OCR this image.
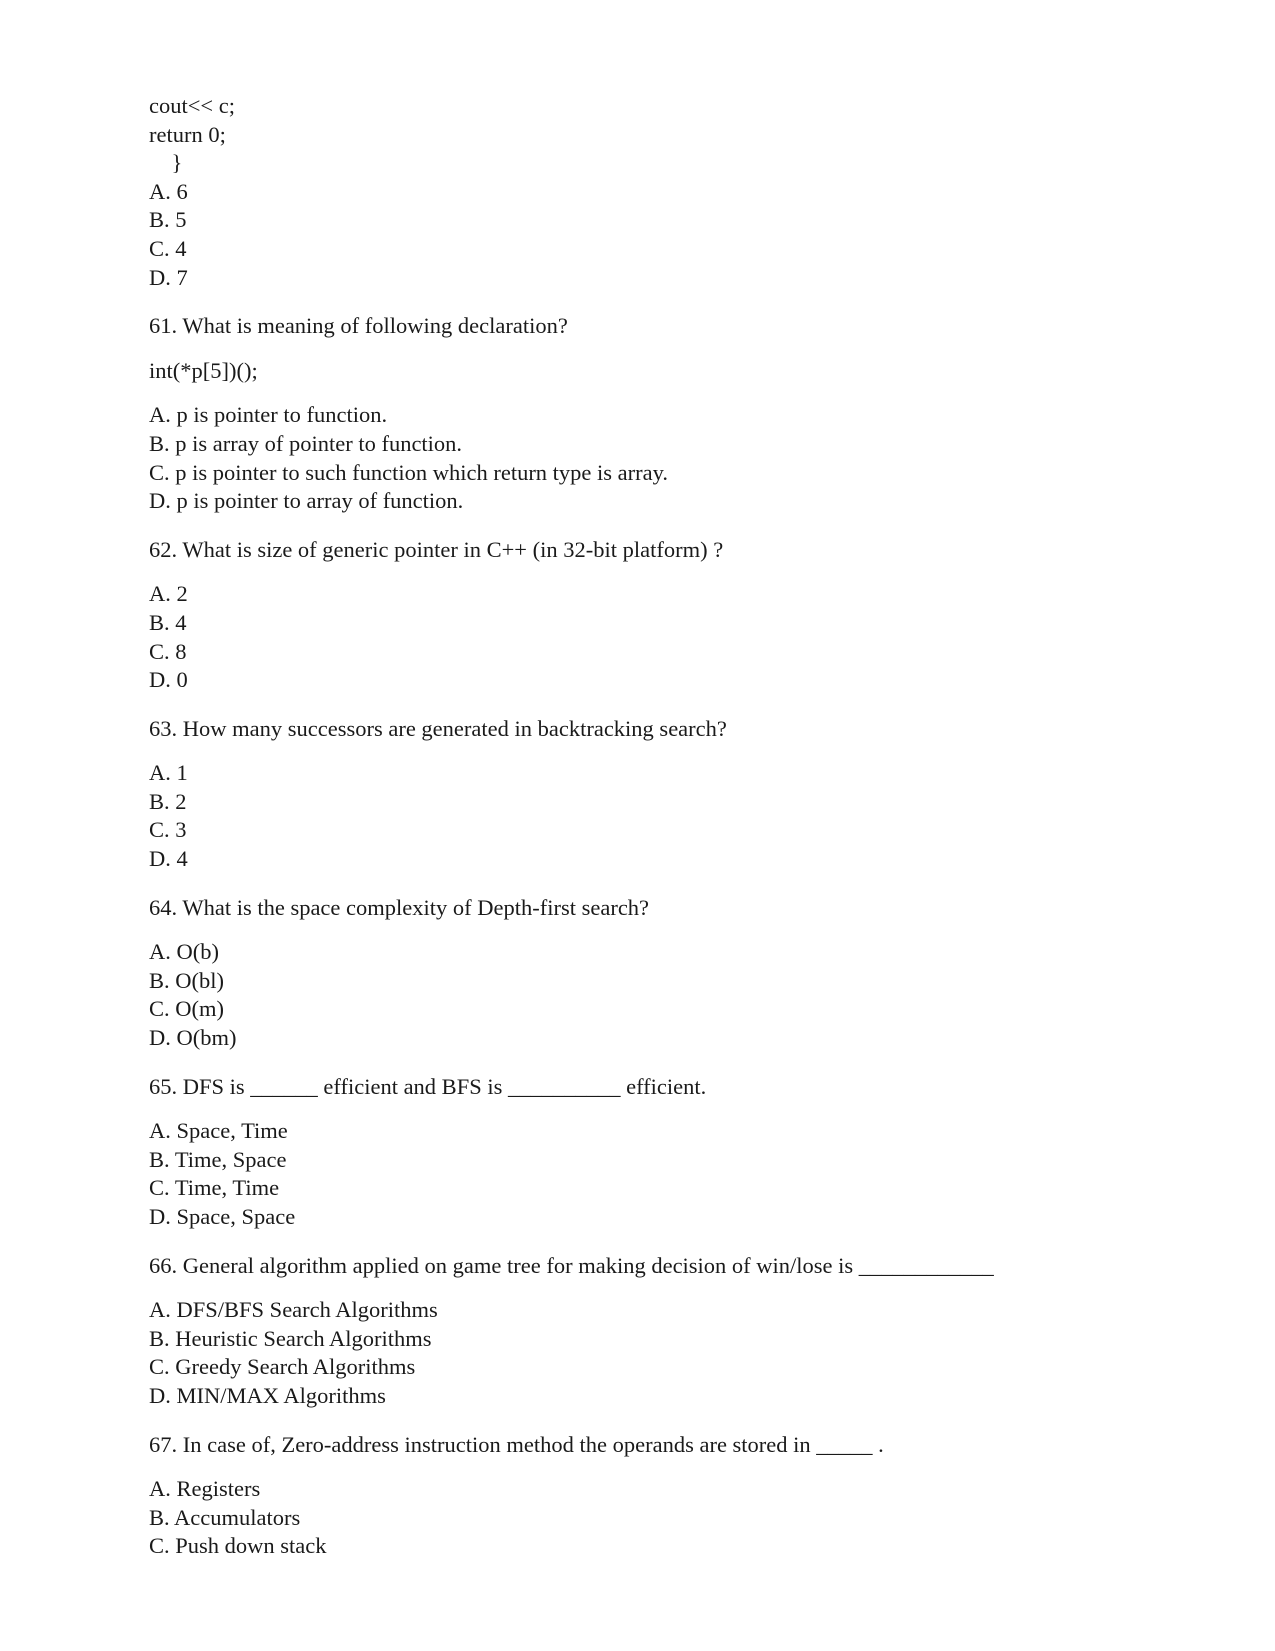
cout<< c;
return 0;
}
A. 6
B. 5
C. 4
D. 7
61. What is meaning of following declaration?
int(*p[5])();
A. p is pointer to function.
B. p is array of pointer to function.
C. p is pointer to such function which return type is array.
D. p is pointer to array of function.
62. What is size of generic pointer in C++ (in 32-bit platform) ?
A. 2
B. 4
C. 8
D. 0
63. How many successors are generated in backtracking search?
A. 1
B. 2
C. 3
D. 4
64. What is the space complexity of Depth-first search?
A. O(b)
B. O(bl)
C. O(m)
D. O(bm)
65. DFS is ______ efficient and BFS is __________ efficient.
A. Space, Time
B. Time, Space
C. Time, Time
D. Space, Space
66. General algorithm applied on game tree for making decision of win/lose is ____________
A. DFS/BFS Search Algorithms
B. Heuristic Search Algorithms
C. Greedy Search Algorithms
D. MIN/MAX Algorithms
67. In case of, Zero-address instruction method the operands are stored in _____ .
A. Registers
B. Accumulators
C. Push down stack
